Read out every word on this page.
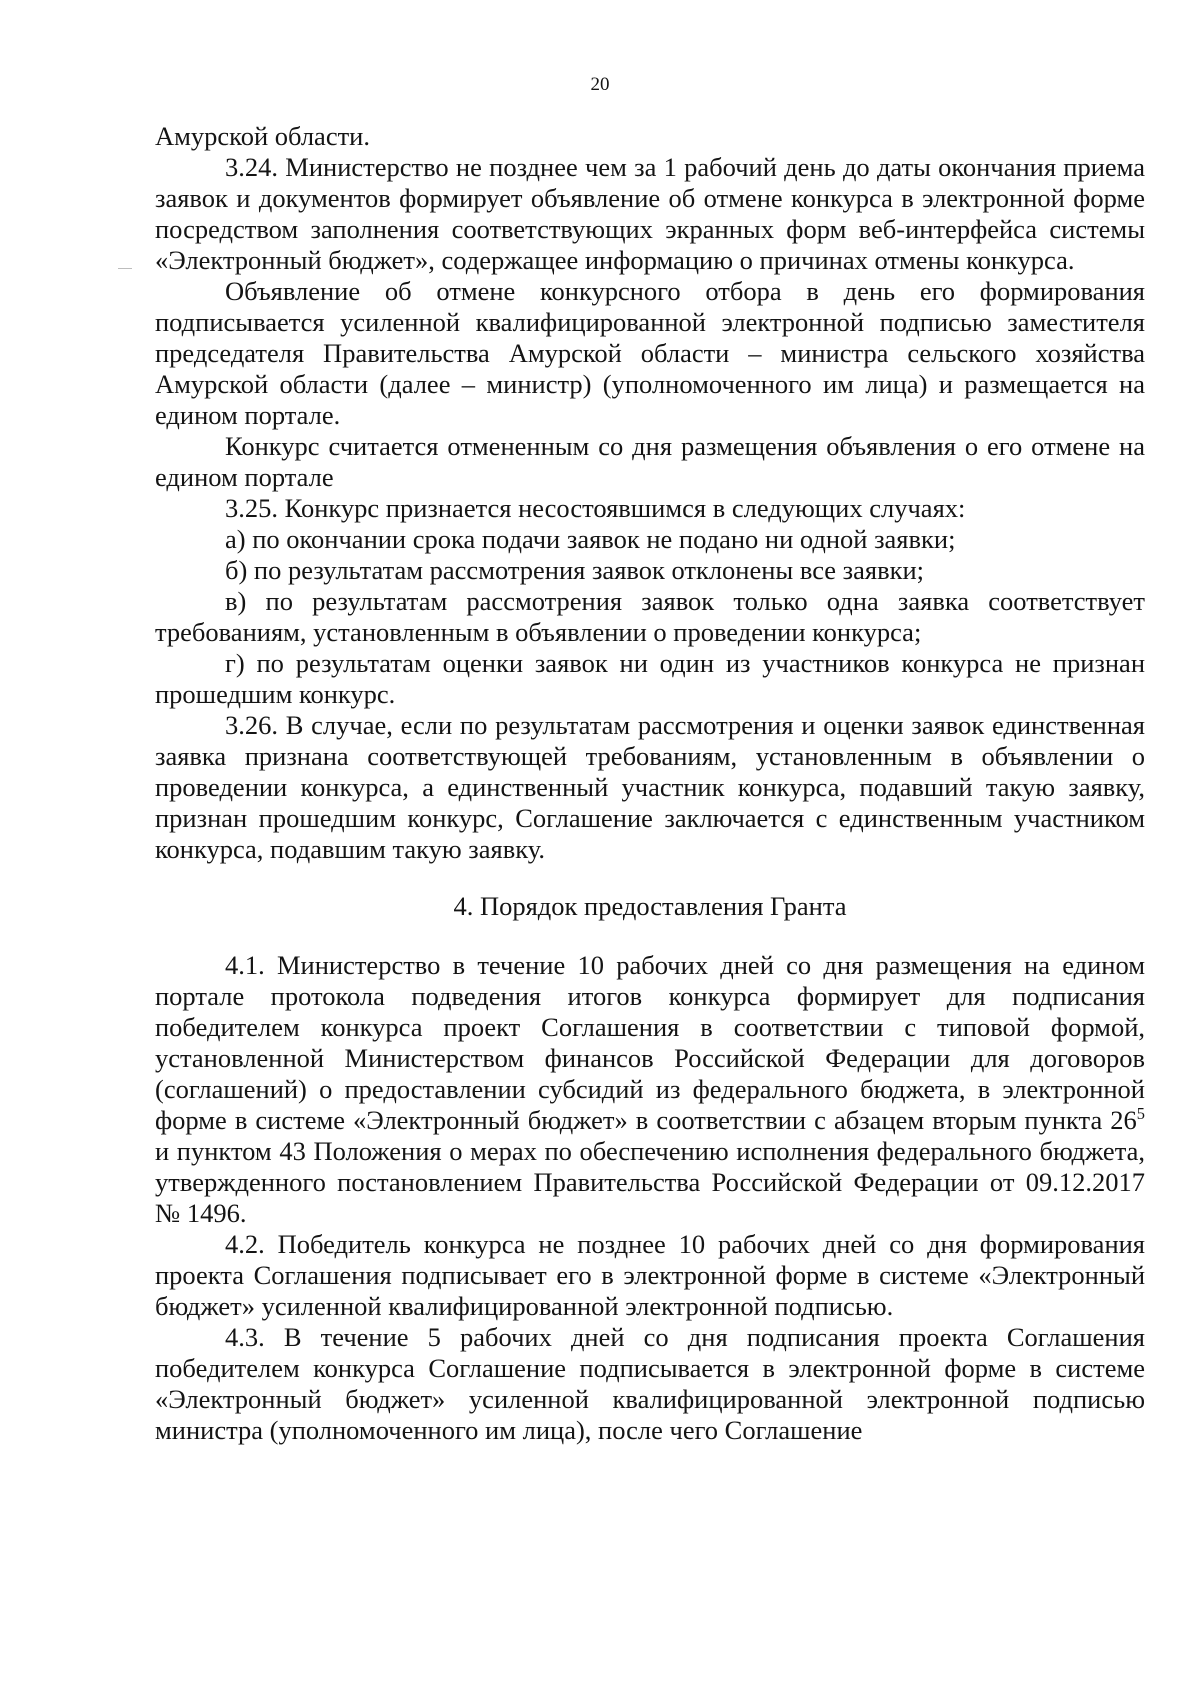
20

Амурской области.

3.24. Министерство не позднее чем за 1 рабочий день до даты окончания приема заявок и документов формирует объявление об отмене конкурса в электронной форме посредством заполнения соответствующих экранных форм веб-интерфейса системы «Электронный бюджет», содержащее информацию о причинах отмены конкурса.

Объявление об отмене конкурсного отбора в день его формирования подписывается усиленной квалифицированной электронной подписью заместителя председателя Правительства Амурской области – министра сельского хозяйства Амурской области (далее – министр) (уполномоченного им лица) и размещается на едином портале.

Конкурс считается отмененным со дня размещения объявления о его отмене на едином портале

3.25. Конкурс признается несостоявшимся в следующих случаях:

а) по окончании срока подачи заявок не подано ни одной заявки;

б) по результатам рассмотрения заявок отклонены все заявки;

в) по результатам рассмотрения заявок только одна заявка соответствует требованиям, установленным в объявлении о проведении конкурса;

г) по результатам оценки заявок ни один из участников конкурса не признан прошедшим конкурс.

3.26. В случае, если по результатам рассмотрения и оценки заявок единственная заявка признана соответствующей требованиям, установленным в объявлении о проведении конкурса, а единственный участник конкурса, подавший такую заявку, признан прошедшим конкурс, Соглашение заключается с единственным участником конкурса, подавшим такую заявку.

4. Порядок предоставления Гранта

4.1. Министерство в течение 10 рабочих дней со дня размещения на едином портале протокола подведения итогов конкурса формирует для подписания победителем конкурса проект Соглашения в соответствии с типовой формой, установленной Министерством финансов Российской Федерации для договоров (соглашений) о предоставлении субсидий из федерального бюджета, в электронной форме в системе «Электронный бюджет» в соответствии с абзацем вторым пункта $26^5$ и пунктом 43 Положения о мерах по обеспечению исполнения федерального бюджета, утвержденного постановлением Правительства Российской Федерации от 09.12.2017 № 1496.

4.2. Победитель конкурса не позднее 10 рабочих дней со дня формирования проекта Соглашения подписывает его в электронной форме в системе «Электронный бюджет» усиленной квалифицированной электронной подписью.

4.3. В течение 5 рабочих дней со дня подписания проекта Соглашения победителем конкурса Соглашение подписывается в электронной форме в системе «Электронный бюджет» усиленной квалифицированной электронной подписью министра (уполномоченного им лица), после чего Соглашение
